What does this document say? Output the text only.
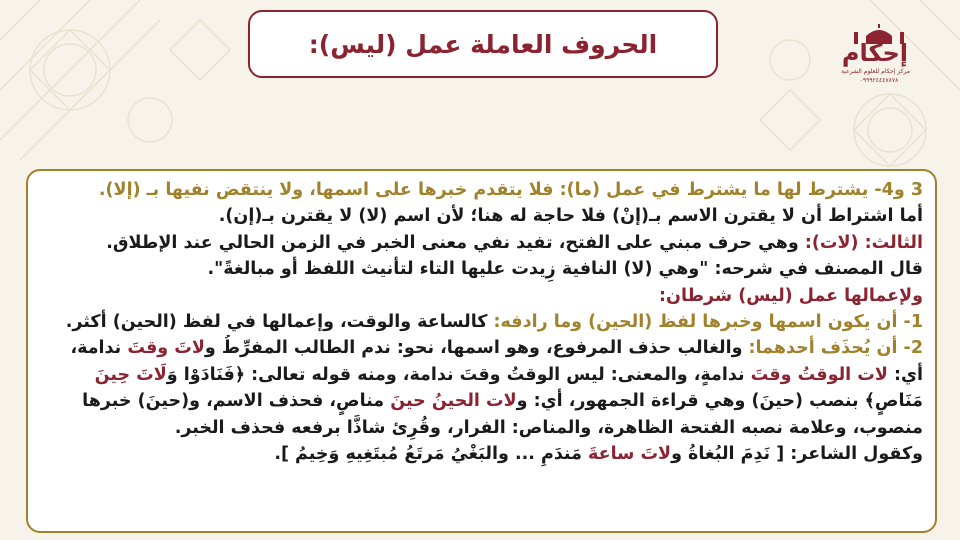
الحروف العاملة عمل (ليس):	إحكام
مركز إحكام للعلوم الشرعية
٠٩٩٩٢٤٤٤٧٨٧٨
3 و4- يشترط لها ما يشترط في عمل (ما): فلا يتقدم خبرها على اسمها، ولا ينتقض نفيها بـ (إلا).
أما اشتراط أن لا يقترن الاسم بـ(إنْ) فلا حاجة له هنا؛ لأن اسم (لا) لا يقترن بـ(إن).
الثالث: (لات): وهي حرف مبني على الفتح، تفيد نفي معنى الخبر في الزمن الحالي عند الإطلاق.
قال المصنف في شرحه: "وهي (لا) النافية زِيدت عليها التاء لتأنيث اللفظ أو مبالغةً".
ولإعمالها عمل (ليس) شرطان:
1- أن يكون اسمها وخبرها لفظ (الحين) وما رادفه: كالساعة والوقت، وإعمالها في لفظ (الحين) أكثر.
2- أن يُحذَف أحدهما: والغالب حذف المرفوع، وهو اسمها، نحو: ندم الطالب المفرِّطُ ولاتَ وقتَ ندامة،
أي: لات الوقتُ وقتَ ندامةٍ، والمعنى: ليس الوقتُ وقتَ ندامة، ومنه قوله تعالى: ﴿فَنَادَوْا وَلَاتَ حِينَ
مَنَاصٍ﴾ بنصب (حينَ) وهي قراءة الجمهور، أي: ولات الحينُ حينَ مناصٍ، فحذف الاسم، و(حينَ) خبرها
منصوب، وعلامة نصبه الفتحة الظاهرة، والمناص: الفرار، وقُرِئ شاذًّا برفعه فحذف الخبر.
وكقول الشاعر: [ نَدِمَ البُغاةُ ولاتَ ساعةَ مَندَمِ ... والبَغْيُ مَرتَعُ مُبتَغِيهِ وَخِيمُ ].
